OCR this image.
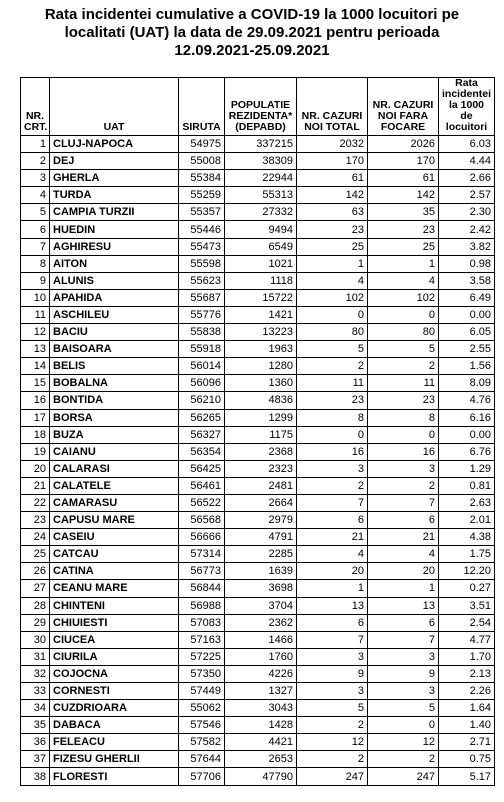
Rata incidentei cumulative a COVID-19 la 1000 locuitori pe
localitati (UAT) la data de 29.09.2021 pentru perioada
12.09.2021-25.09.2021
NR. CRT.	UAT	SIRUTA	POPULATIE REZIDENTA* (DEPABD)	NR. CAZURI NOI TOTAL	NR. CAZURI NOI FARA FOCARE	Rata incidentei la 1000 de locuitori
1	CLUJ-NAPOCA	54975	337215	2032	2026	6.03
2	DEJ	55008	38309	170	170	4.44
3	GHERLA	55384	22944	61	61	2.66
4	TURDA	55259	55313	142	142	2.57
5	CAMPIA TURZII	55357	27332	63	35	2.30
6	HUEDIN	55446	9494	23	23	2.42
7	AGHIRESU	55473	6549	25	25	3.82
8	AITON	55598	1021	1	1	0.98
9	ALUNIS	55623	1118	4	4	3.58
10	APAHIDA	55687	15722	102	102	6.49
11	ASCHILEU	55776	1421	0	0	0.00
12	BACIU	55838	13223	80	80	6.05
13	BAISOARA	55918	1963	5	5	2.55
14	BELIS	56014	1280	2	2	1.56
15	BOBALNA	56096	1360	11	11	8.09
16	BONTIDA	56210	4836	23	23	4.76
17	BORSA	56265	1299	8	8	6.16
18	BUZA	56327	1175	0	0	0.00
19	CAIANU	56354	2368	16	16	6.76
20	CALARASI	56425	2323	3	3	1.29
21	CALATELE	56461	2481	2	2	0.81
22	CAMARASU	56522	2664	7	7	2.63
23	CAPUSU MARE	56568	2979	6	6	2.01
24	CASEIU	56666	4791	21	21	4.38
25	CATCAU	57314	2285	4	4	1.75
26	CATINA	56773	1639	20	20	12.20
27	CEANU MARE	56844	3698	1	1	0.27
28	CHINTENI	56988	3704	13	13	3.51
29	CHIUIESTI	57083	2362	6	6	2.54
30	CIUCEA	57163	1466	7	7	4.77
31	CIURILA	57225	1760	3	3	1.70
32	COJOCNA	57350	4226	9	9	2.13
33	CORNESTI	57449	1327	3	3	2.26
34	CUZDRIOARA	55062	3043	5	5	1.64
35	DABACA	57546	1428	2	0	1.40
36	FELEACU	57582	4421	12	12	2.71
37	FIZESU GHERLII	57644	2653	2	2	0.75
38	FLORESTI	57706	47790	247	247	5.17
